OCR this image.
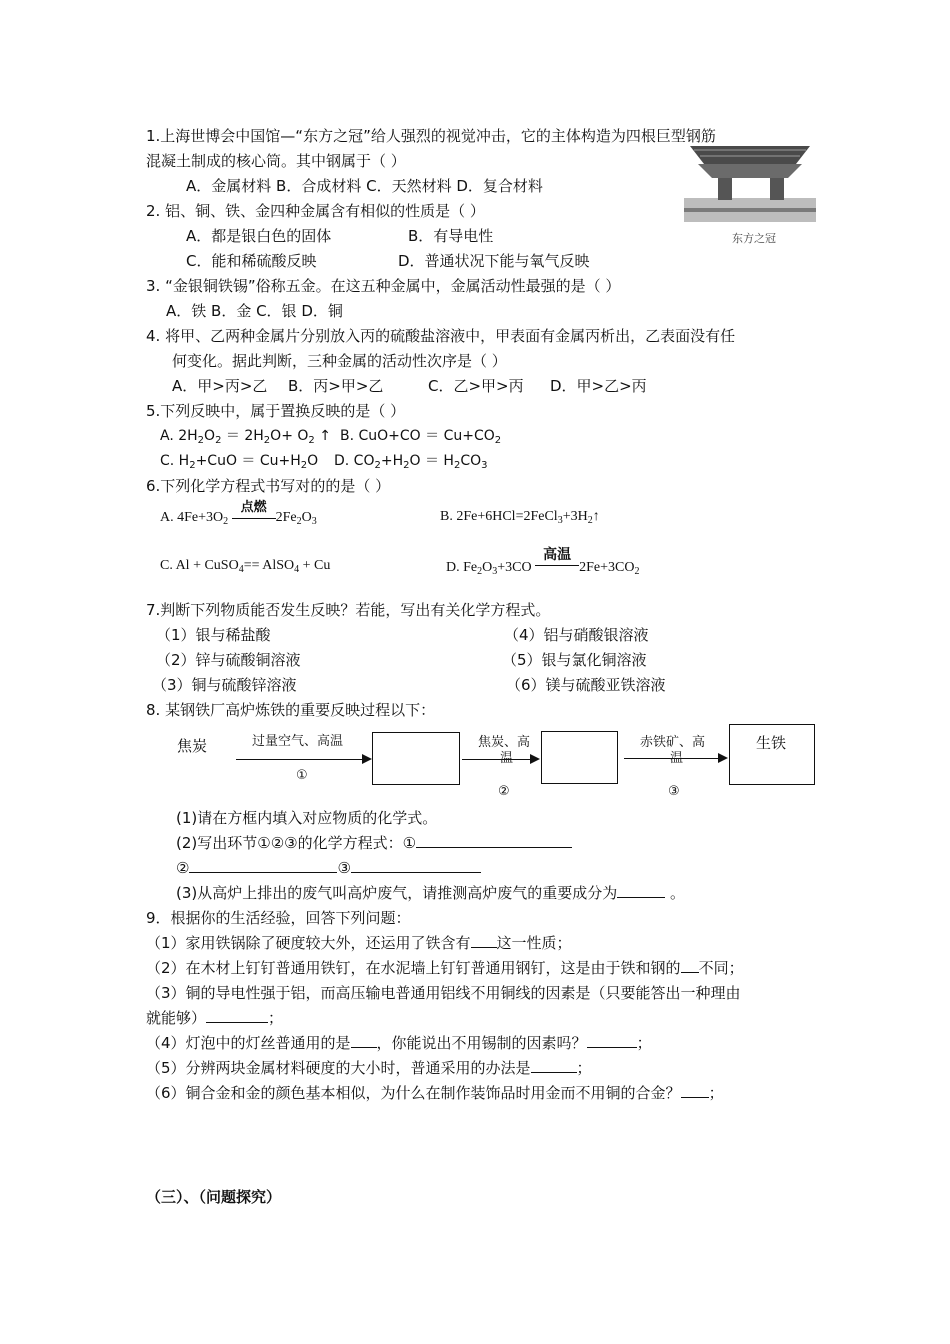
1.上海世博会中国馆—“东方之冠”给人强烈的视觉冲击，它的主体构造为四根巨型钢筋
混凝土制成的核心筒。其中钢属于（ ）
A．金属材料 B．合成材料 C．天然材料 D．复合材料
东方之冠
2. 铝、铜、铁、金四种金属含有相似的性质是（ ）
A．都是银白色的固体	B．有导电性
C．能和稀硫酸反映	D．普通状况下能与氧气反映
3. “金银铜铁锡”俗称五金。在这五种金属中，金属活动性最强的是（ ）
A．铁 B．金 C．银 D．铜
4. 将甲、乙两种金属片分别放入丙的硫酸盐溶液中，甲表面有金属丙析出，乙表面没有任
何变化。据此判断，三种金属的活动性次序是（ ）
A．甲>丙>乙 B．丙>甲>乙	C．乙>甲>丙 D．甲>乙>丙
5.下列反映中，属于置换反映的是（ ）
A. $2H_2O_2 = 2H_2O+ O_2$ ↑ B. $CuO+CO = Cu+CO_2$
C. $H_2+CuO = Cu+H_2O$ D. $CO_2+H_2O = H_2CO_3$
6.下列化学方程式书写对的的是（ ）
A. $4Fe+3O_2$
点燃
$2Fe_2O_3$	B. $2Fe+6HCl=2FeCl_3+3H_2↑$
C. Al + CuSO$_4$== AlSO$_4$ + Cu	D. $Fe_2O_3+3CO$
高温
$2Fe+3CO_2$
7.判断下列物质能否发生反映？若能，写出有关化学方程式。
（1）银与稀盐酸
（2）锌与硫酸铜溶液
（3）铜与硫酸锌溶液
（4）铝与硝酸银溶液
（5）银与氯化铜溶液
（6）镁与硫酸亚铁溶液
8. 某钢铁厂高炉炼铁的重要反映过程以下：
焦炭	过量空气、高温
①
焦炭、高
温
②
赤铁矿、高
温
③
生铁
(1)请在方框内填入对应物质的化学式。
(2)写出环节①②③的化学方程式：①
②	③
(3)从高炉上排出的废气叫高炉废气，请推测高炉废气的重要成分为	。
9．根据你的生活经验，回答下列问题：
（1）家用铁锅除了硬度较大外，还运用了铁含有 这一性质；
（2）在木材上钉钉普通用铁钉，在水泥墙上钉钉普通用钢钉，这是由于铁和钢的 不同；
（3）铜的导电性强于铝，而高压输电普通用铝线不用铜线的因素是（只要能答出一种理由
就能够）	；
（4）灯泡中的灯丝普通用的是 ，你能说出不用锡制的因素吗？	；
（5）分辨两块金属材料硬度的大小时，普通采用的办法是	；
（6）铜合金和金的颜色基本相似，为什么在制作装饰品时用金而不用铜的合金？ ；
（三）、（问题探究）
